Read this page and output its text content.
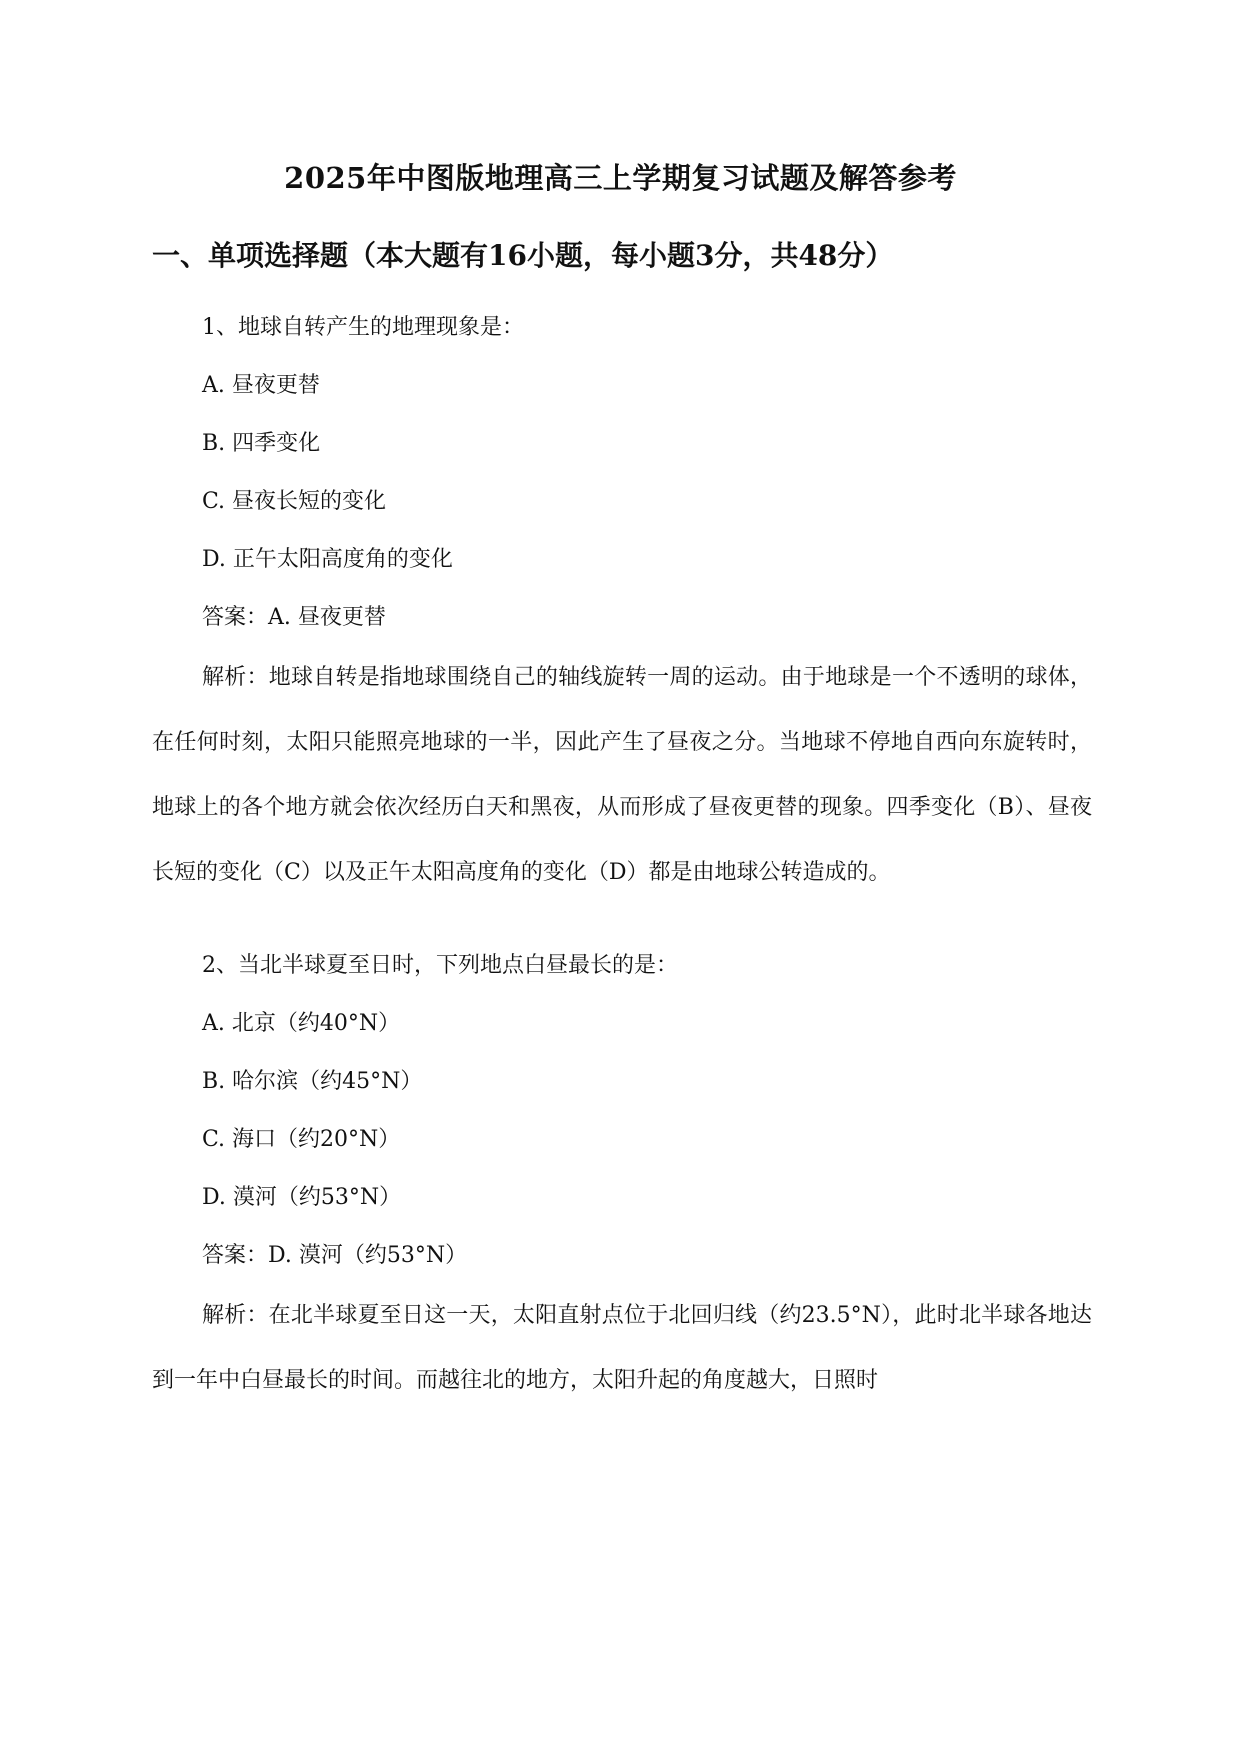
2025年中图版地理高三上学期复习试题及解答参考
一、单项选择题（本大题有16小题，每小题3分，共48分）
1、地球自转产生的地理现象是：
A. 昼夜更替
B. 四季变化
C. 昼夜长短的变化
D. 正午太阳高度角的变化
答案：A. 昼夜更替
解析：地球自转是指地球围绕自己的轴线旋转一周的运动。由于地球是一个不透明的球体，在任何时刻，太阳只能照亮地球的一半，因此产生了昼夜之分。当地球不停地自西向东旋转时，地球上的各个地方就会依次经历白天和黑夜，从而形成了昼夜更替的现象。四季变化（B）、昼夜长短的变化（C）以及正午太阳高度角的变化（D）都是由地球公转造成的。
2、当北半球夏至日时，下列地点白昼最长的是：
A. 北京（约40°N）
B. 哈尔滨（约45°N）
C. 海口（约20°N）
D. 漠河（约53°N）
答案：D. 漠河（约53°N）
解析：在北半球夏至日这一天，太阳直射点位于北回归线（约23.5°N），此时北半球各地达到一年中白昼最长的时间。而越往北的地方，太阳升起的角度越大，日照时
